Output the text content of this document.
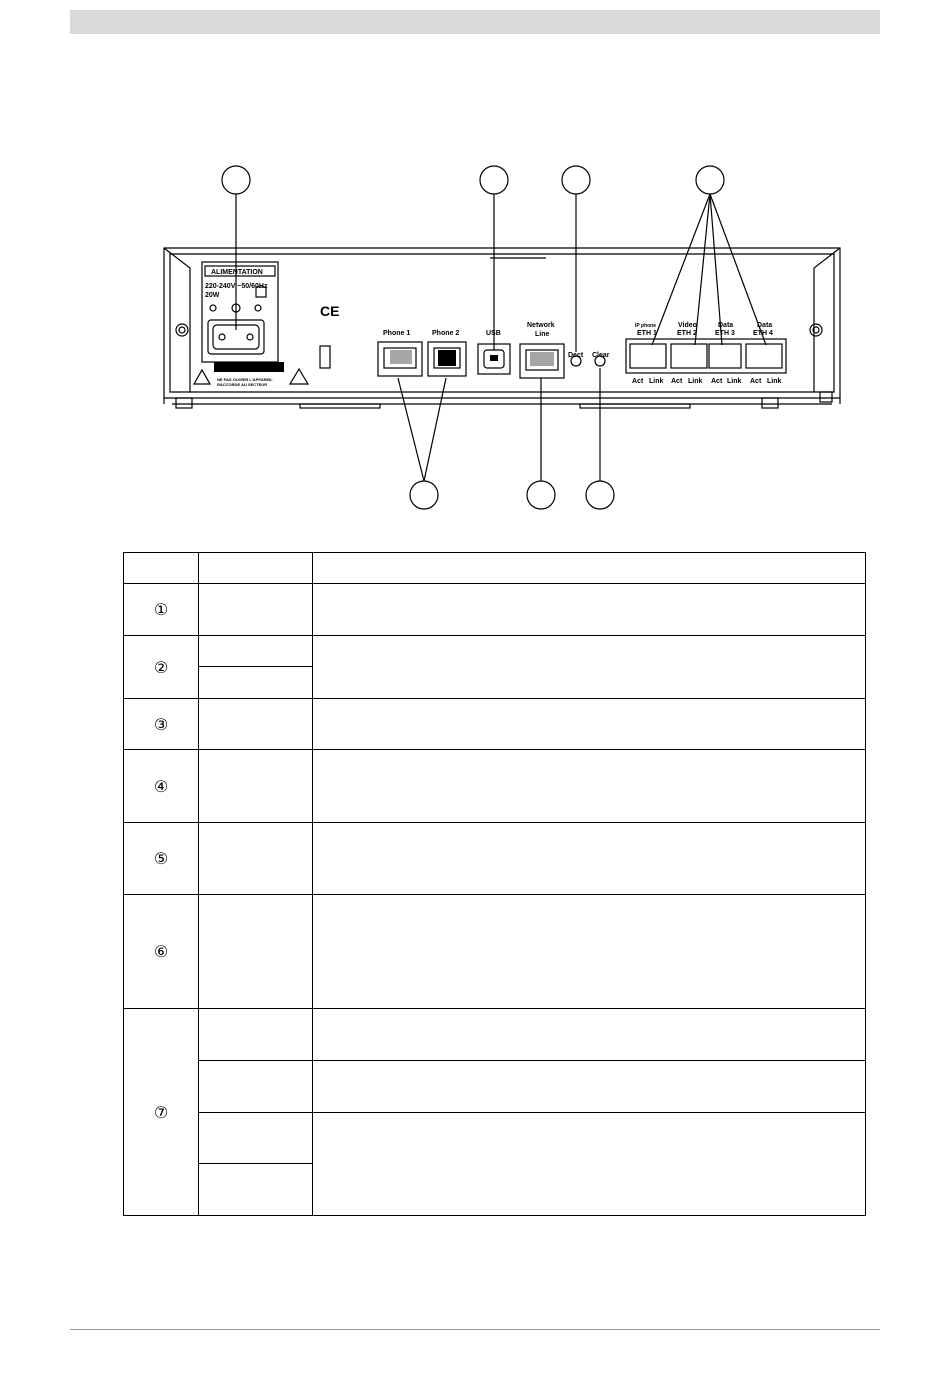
ALIMENTATION
220-240V ~50/60Hz
20W
NE PAS OUVRIR L'APPAREIL
RACCORDE AU SECTEUR
CE
Phone 1	Phone 2	USB
Network
Line
Dect Clear
IP phone
ETH 1
Video
ETH 2
Data
ETH 3
Data
ETH 4
Act Link Act Link Act Link Act Link

①		
②		

③		
④		
⑤		
⑥		
⑦		
